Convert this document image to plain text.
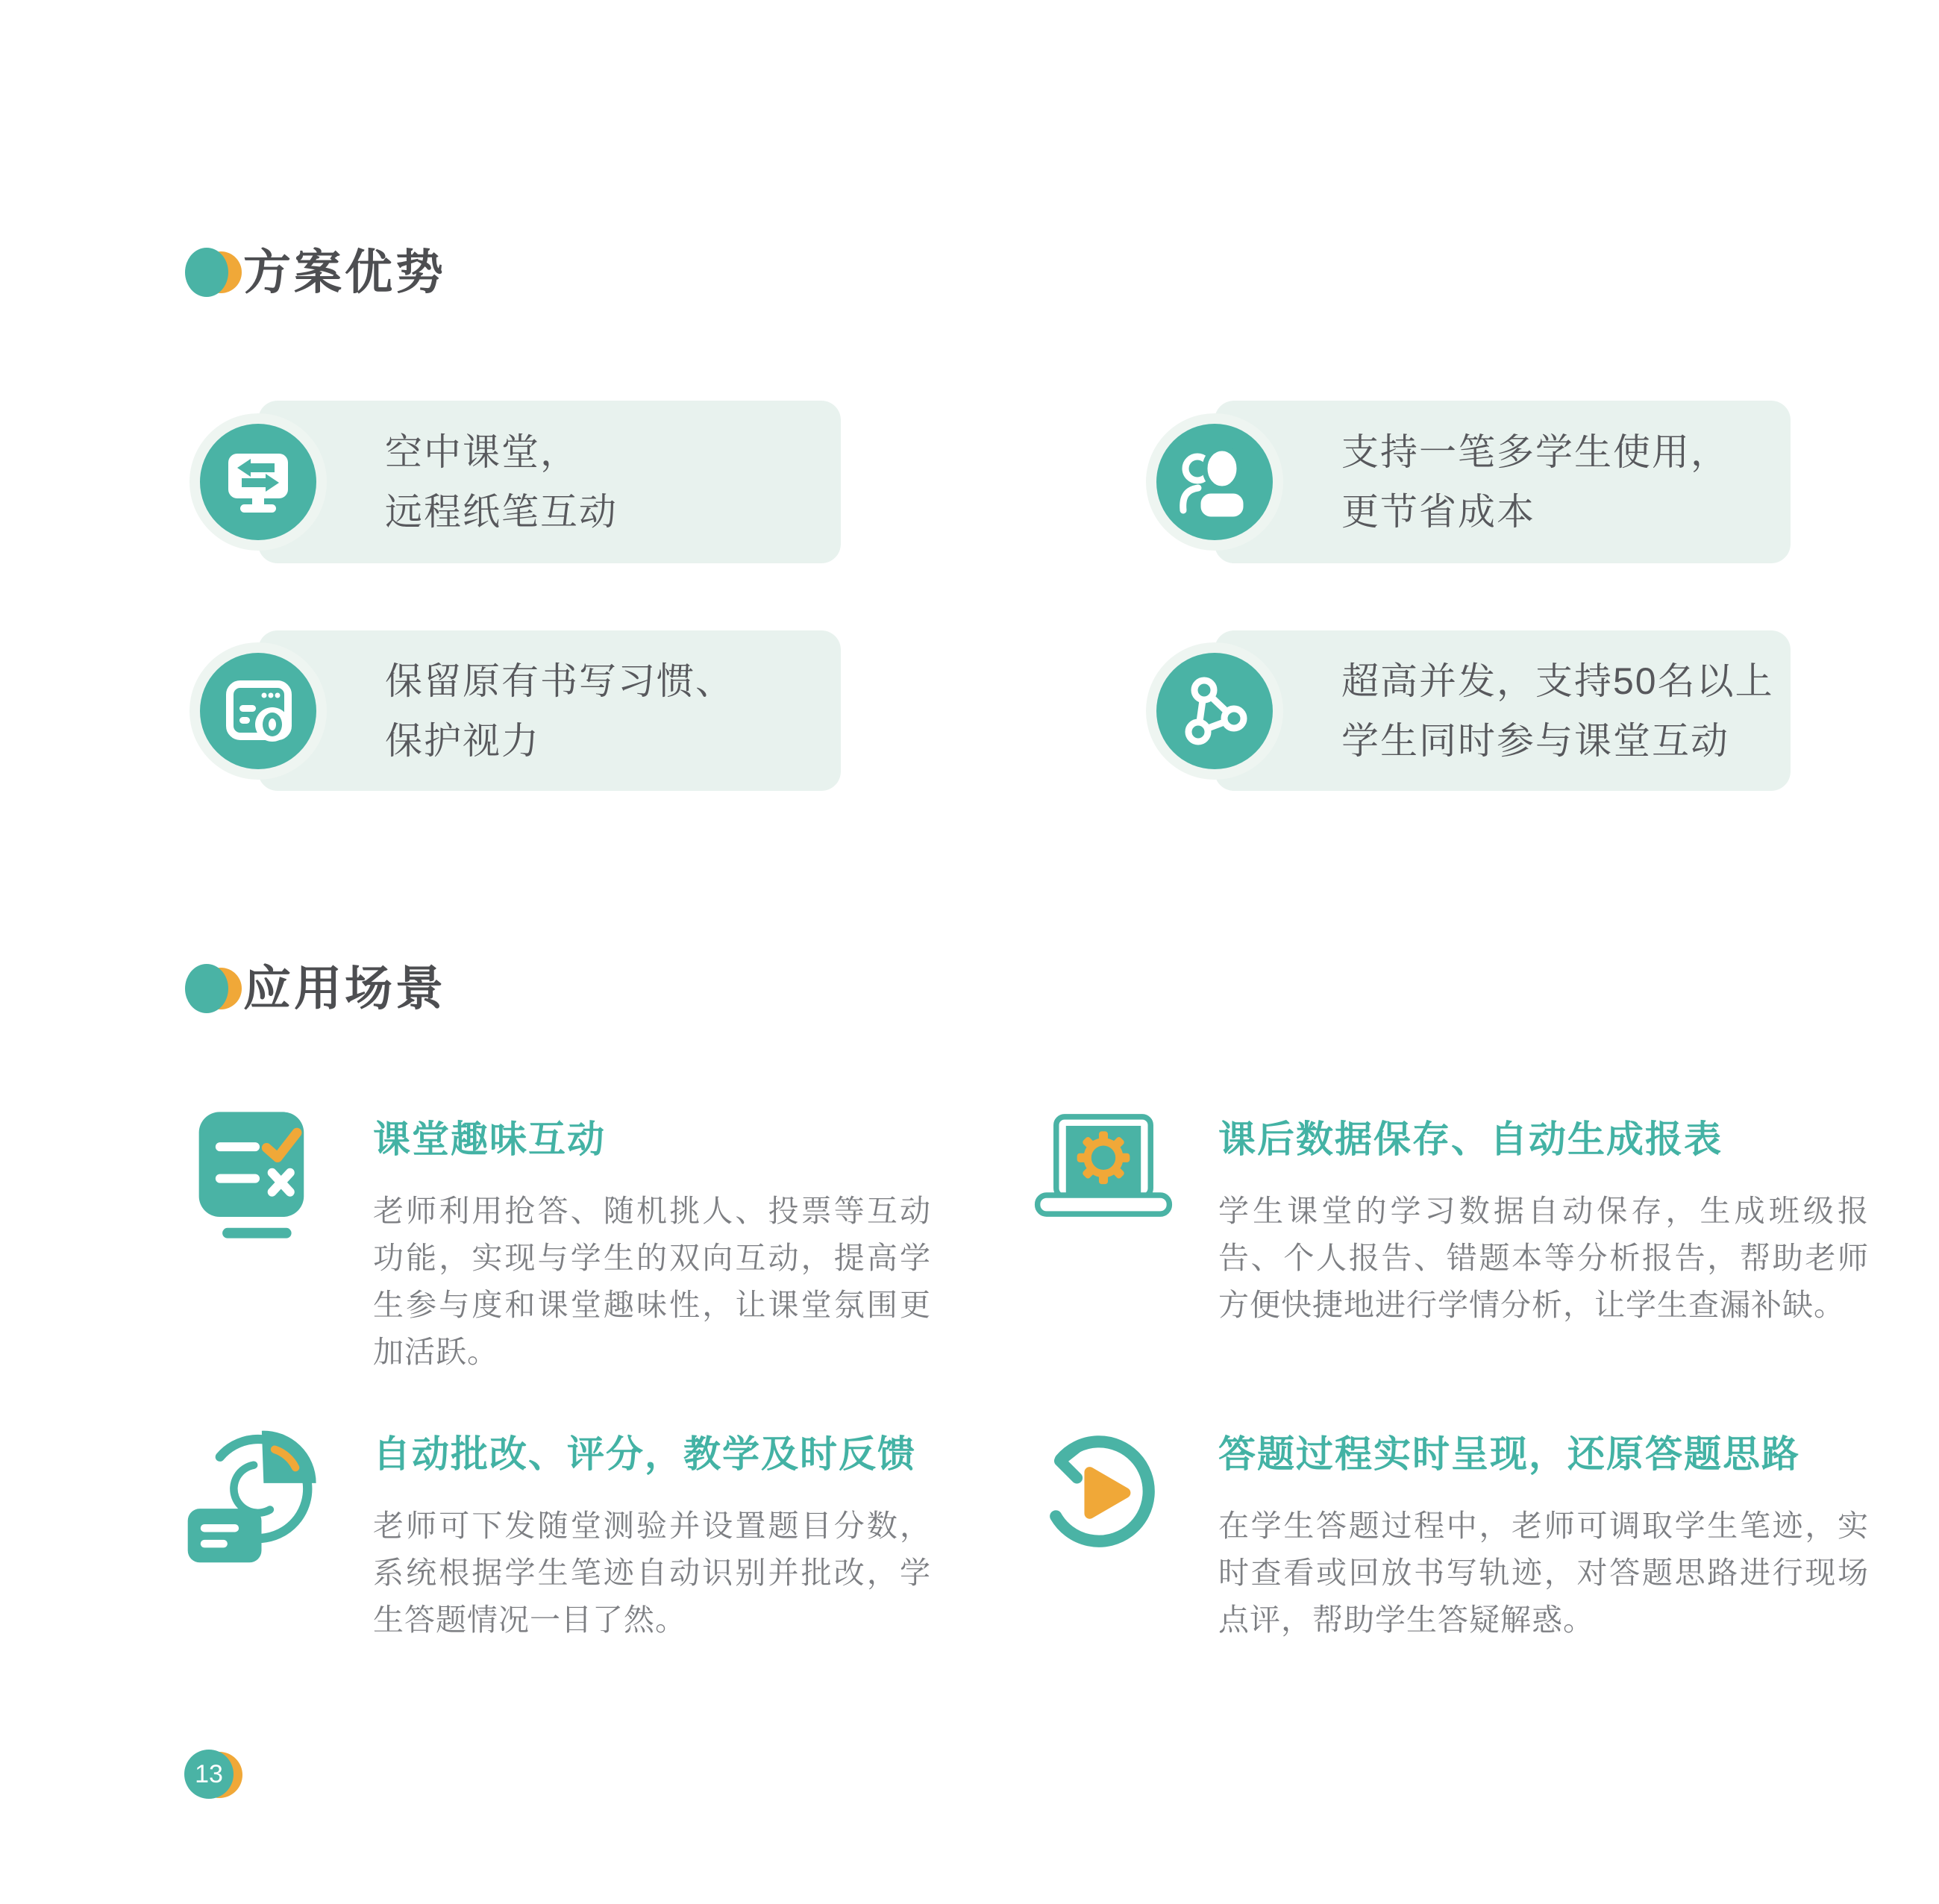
方案优势
空中课堂，
远程纸笔互动
支持一笔多学生使用，
更节省成本
保留原有书写习惯、
保护视力
超高并发，支持50名以上
学生同时参与课堂互动
应用场景
课堂趣味互动
老师利用抢答、随机挑人、投票等互动功能，实现与学生的双向互动，提高学生参与度和课堂趣味性，让课堂氛围更加活跃。
课后数据保存、自动生成报表
学生课堂的学习数据自动保存，生成班级报告、个人报告、错题本等分析报告，帮助老师方便快捷地进行学情分析，让学生查漏补缺。
自动批改、评分，教学及时反馈
老师可下发随堂测验并设置题目分数，系统根据学生笔迹自动识别并批改，学生答题情况一目了然。
答题过程实时呈现，还原答题思路
在学生答题过程中，老师可调取学生笔迹，实时查看或回放书写轨迹，对答题思路进行现场点评，帮助学生答疑解惑。
13
